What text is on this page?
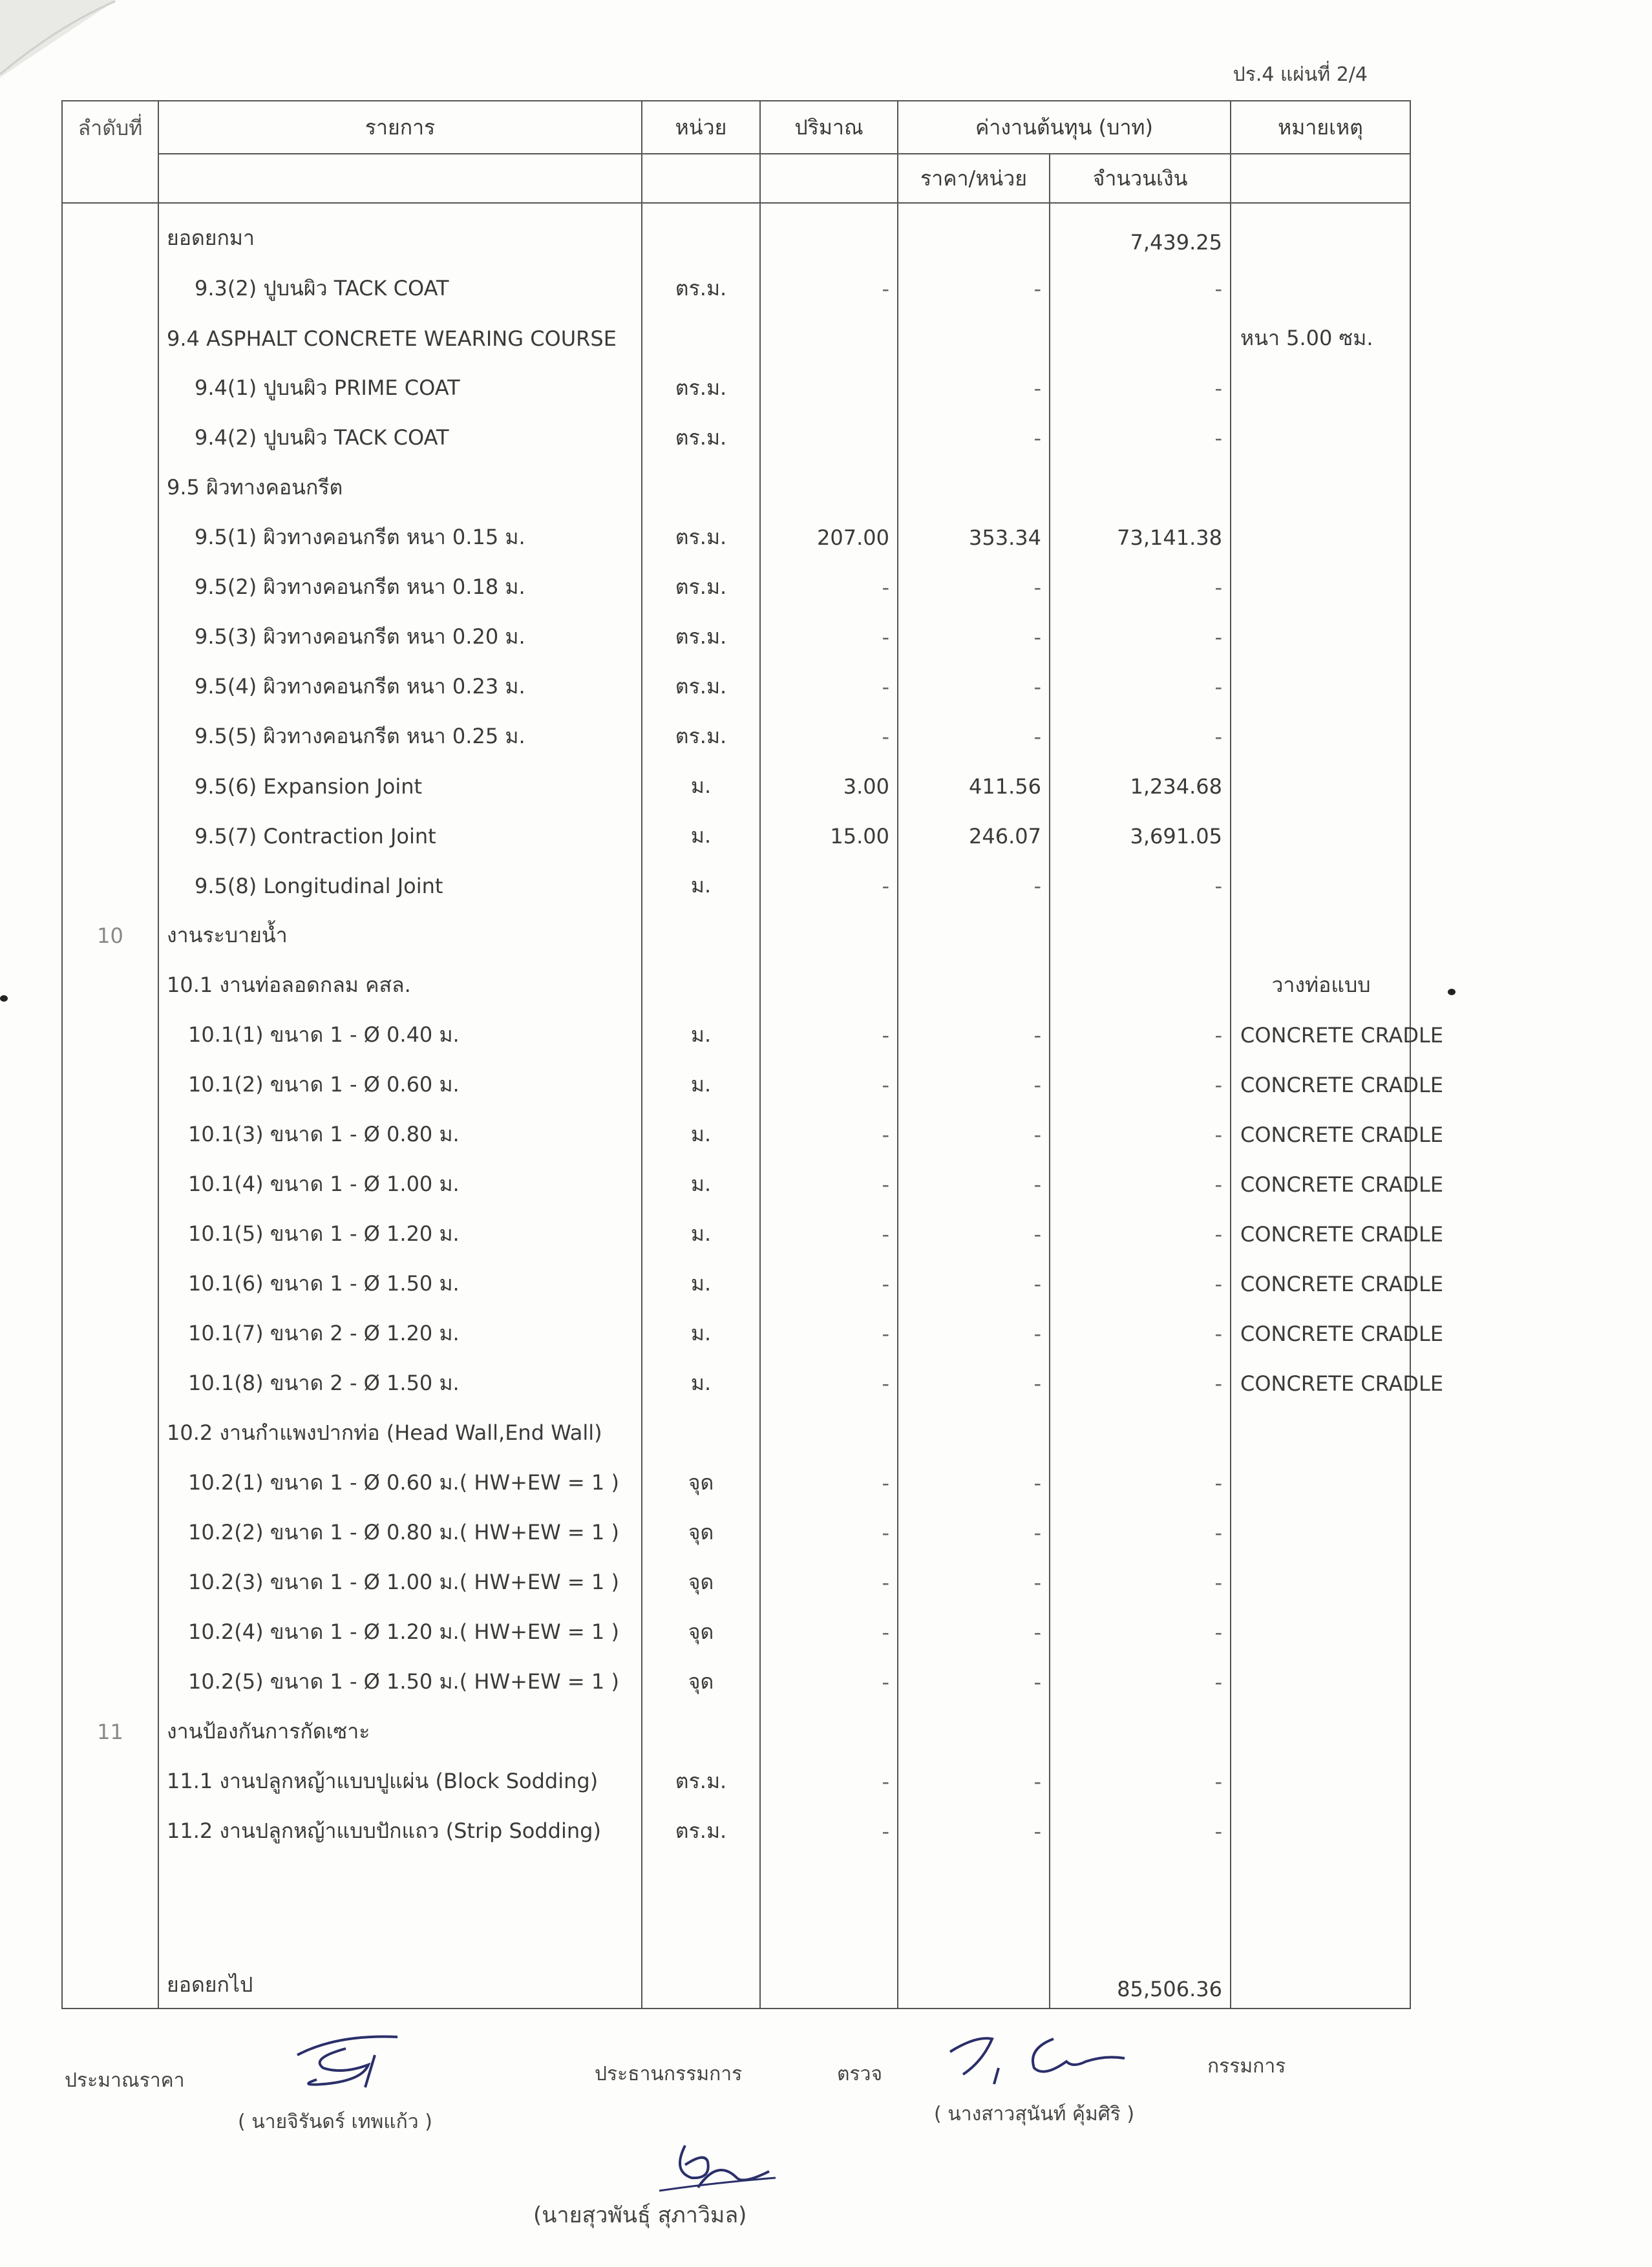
ปร.4 แผ่นที่ 2/4
ลำดับที่	รายการ	หน่วย	ปริมาณ	ค่างานต้นทุน (บาท)		หมายเหตุ
				ราคา/หน่วย	จำนวนเงิน	
	ยอดยกมา				7,439.25	
	9.3(2) ปูบนผิว TACK COAT	ตร.ม.	-	-	-	
	9.4 ASPHALT CONCRETE WEARING COURSE					หนา 5.00 ซม.
	9.4(1) ปูบนผิว PRIME COAT	ตร.ม.		-	-	
	9.4(2) ปูบนผิว TACK COAT	ตร.ม.		-	-	
	9.5 ผิวทางคอนกรีต					
	9.5(1) ผิวทางคอนกรีต หนา 0.15 ม.	ตร.ม.	207.00	353.34	73,141.38	
	9.5(2) ผิวทางคอนกรีต หนา 0.18 ม.	ตร.ม.	-	-	-	
	9.5(3) ผิวทางคอนกรีต หนา 0.20 ม.	ตร.ม.	-	-	-	
	9.5(4) ผิวทางคอนกรีต หนา 0.23 ม.	ตร.ม.	-	-	-	
	9.5(5) ผิวทางคอนกรีต หนา 0.25 ม.	ตร.ม.	-	-	-	
	9.5(6) Expansion Joint	ม.	3.00	411.56	1,234.68	
	9.5(7) Contraction Joint	ม.	15.00	246.07	3,691.05	
	9.5(8) Longitudinal Joint	ม.	-	-	-	
10	งานระบายน้ำ					
	10.1 งานท่อลอดกลม คสล.					วางท่อแบบ
	10.1(1) ขนาด 1 - Ø 0.40 ม.	ม.	-	-	-	CONCRETE CRADLE
	10.1(2) ขนาด 1 - Ø 0.60 ม.	ม.	-	-	-	CONCRETE CRADLE
	10.1(3) ขนาด 1 - Ø 0.80 ม.	ม.	-	-	-	CONCRETE CRADLE
	10.1(4) ขนาด 1 - Ø 1.00 ม.	ม.	-	-	-	CONCRETE CRADLE
	10.1(5) ขนาด 1 - Ø 1.20 ม.	ม.	-	-	-	CONCRETE CRADLE
	10.1(6) ขนาด 1 - Ø 1.50 ม.	ม.	-	-	-	CONCRETE CRADLE
	10.1(7) ขนาด 2 - Ø 1.20 ม.	ม.	-	-	-	CONCRETE CRADLE
	10.1(8) ขนาด 2 - Ø 1.50 ม.	ม.	-	-	-	CONCRETE CRADLE
	10.2 งานกำแพงปากท่อ (Head Wall,End Wall)					
	10.2(1) ขนาด 1 - Ø 0.60 ม.( HW+EW = 1 )	จุด	-	-	-	
	10.2(2) ขนาด 1 - Ø 0.80 ม.( HW+EW = 1 )	จุด	-	-	-	
	10.2(3) ขนาด 1 - Ø 1.00 ม.( HW+EW = 1 )	จุด	-	-	-	
	10.2(4) ขนาด 1 - Ø 1.20 ม.( HW+EW = 1 )	จุด	-	-	-	
	10.2(5) ขนาด 1 - Ø 1.50 ม.( HW+EW = 1 )	จุด	-	-	-	
11	งานป้องกันการกัดเซาะ					
	11.1 งานปลูกหญ้าแบบปูแผ่น (Block Sodding)	ตร.ม.	-	-	-	
	11.2 งานปลูกหญ้าแบบปักแถว (Strip Sodding)	ตร.ม.	-	-	-	

	ยอดยกไป				85,506.36	
ประมาณราคา
( นายจิรันดร์ เทพแก้ว )
ประธานกรรมการ	ตรวจ	กรรมการ
( นางสาวสุนันท์ คุ้มศิริ )
(นายสุวพันธุ์ สุภาวิมล)
